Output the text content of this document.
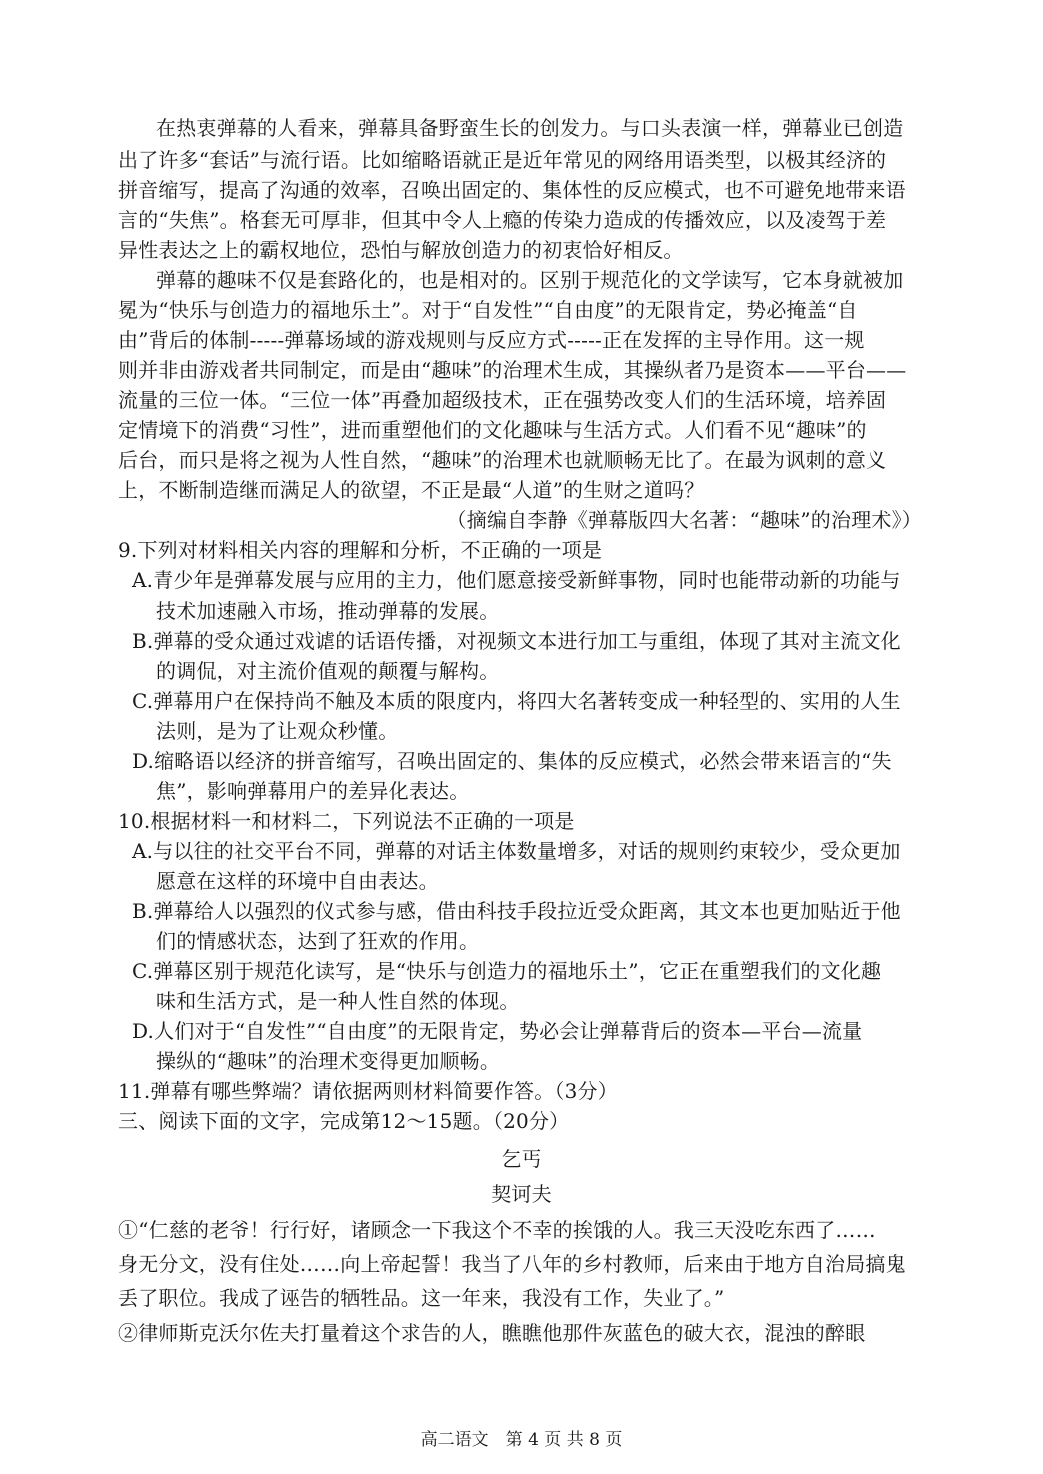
在热衷弹幕的人看来，弹幕具备野蛮生长的创发力。与口头表演一样，弹幕业已创造
出了许多“套话”与流行语。比如缩略语就正是近年常见的网络用语类型，以极其经济的
拼音缩写，提高了沟通的效率，召唤出固定的、集体性的反应模式，也不可避免地带来语
言的“失焦”。格套无可厚非，但其中令人上瘾的传染力造成的传播效应，以及凌驾于差
异性表达之上的霸权地位，恐怕与解放创造力的初衷恰好相反。
弹幕的趣味不仅是套路化的，也是相对的。区别于规范化的文学读写，它本身就被加
冕为“快乐与创造力的福地乐土”。对于“自发性”“自由度”的无限肯定，势必掩盖“自
由”背后的体制-----弹幕场域的游戏规则与反应方式-----正在发挥的主导作用。这一规
则并非由游戏者共同制定，而是由“趣味”的治理术生成，其操纵者乃是资本——平台——
流量的三位一体。“三位一体”再叠加超级技术，正在强势改变人们的生活环境，培养固
定情境下的消费“习性”，进而重塑他们的文化趣味与生活方式。人们看不见“趣味”的
后台，而只是将之视为人性自然，“趣味”的治理术也就顺畅无比了。在最为讽刺的意义
上，不断制造继而满足人的欲望，不正是最“人道”的生财之道吗？
（摘编自李静《弹幕版四大名著：“趣味”的治理术》）
9.下列对材料相关内容的理解和分析，不正确的一项是
A.青少年是弹幕发展与应用的主力，他们愿意接受新鲜事物，同时也能带动新的功能与
技术加速融入市场，推动弹幕的发展。
B.弹幕的受众通过戏谑的话语传播，对视频文本进行加工与重组，体现了其对主流文化
的调侃，对主流价值观的颠覆与解构。
C.弹幕用户在保持尚不触及本质的限度内，将四大名著转变成一种轻型的、实用的人生
法则，是为了让观众秒懂。
D.缩略语以经济的拼音缩写，召唤出固定的、集体的反应模式，必然会带来语言的“失
焦”，影响弹幕用户的差异化表达。
10.根据材料一和材料二，下列说法不正确的一项是
A.与以往的社交平台不同，弹幕的对话主体数量增多，对话的规则约束较少，受众更加
愿意在这样的环境中自由表达。
B.弹幕给人以强烈的仪式参与感，借由科技手段拉近受众距离，其文本也更加贴近于他
们的情感状态，达到了狂欢的作用。
C.弹幕区别于规范化读写，是“快乐与创造力的福地乐土”，它正在重塑我们的文化趣
味和生活方式，是一种人性自然的体现。
D.人们对于“自发性”“自由度”的无限肯定，势必会让弹幕背后的资本—平台—流量
操纵的“趣味”的治理术变得更加顺畅。
11.弹幕有哪些弊端？请依据两则材料简要作答。（3分）
三、阅读下面的文字，完成第12～15题。（20分）
乞丐
契诃夫
①“仁慈的老爷！行行好，诸顾念一下我这个不幸的挨饿的人。我三天没吃东西了……
身无分文，没有住处……向上帝起誓！我当了八年的乡村教师，后来由于地方自治局搞鬼
丢了职位。我成了诬告的牺牲品。这一年来，我没有工作，失业了。”
②律师斯克沃尔佐夫打量着这个求告的人，瞧瞧他那件灰蓝色的破大衣，混浊的醉眼
高二语文　第 4 页 共 8 页
